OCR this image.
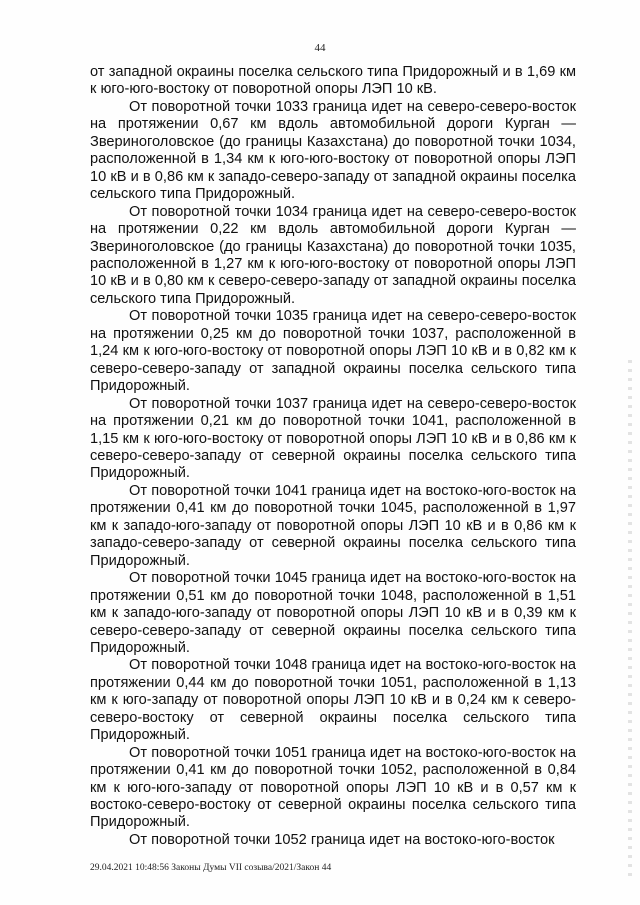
44

от западной окраины поселка сельского типа Придорожный и в 1,69 км к юго-юго-востоку от поворотной опоры ЛЭП 10 кВ.

От поворотной точки 1033 граница идет на северо-северо-восток на протяжении 0,67 км вдоль автомобильной дороги Курган — Звериноголовское (до границы Казахстана) до поворотной точки 1034, расположенной в 1,34 км к юго-юго-востоку от поворотной опоры ЛЭП 10 кВ и в 0,86 км к западо-северо-западу от западной окраины поселка сельского типа Придорожный.

От поворотной точки 1034 граница идет на северо-северо-восток на протяжении 0,22 км вдоль автомобильной дороги Курган — Звериноголовское (до границы Казахстана) до поворотной точки 1035, расположенной в 1,27 км к юго-юго-востоку от поворотной опоры ЛЭП 10 кВ и в 0,80 км к северо-северо-западу от западной окраины поселка сельского типа Придорожный.

От поворотной точки 1035 граница идет на северо-северо-восток на протяжении 0,25 км до поворотной точки 1037, расположенной в 1,24 км к юго-юго-востоку от поворотной опоры ЛЭП 10 кВ и в 0,82 км к северо-северо-западу от западной окраины поселка сельского типа Придорожный.

От поворотной точки 1037 граница идет на северо-северо-восток на протяжении 0,21 км до поворотной точки 1041, расположенной в 1,15 км к юго-юго-востоку от поворотной опоры ЛЭП 10 кВ и в 0,86 км к северо-северо-западу от северной окраины поселка сельского типа Придорожный.

От поворотной точки 1041 граница идет на востоко-юго-восток на протяжении 0,41 км до поворотной точки 1045, расположенной в 1,97 км к западо-юго-западу от поворотной опоры ЛЭП 10 кВ и в 0,86 км к западо-северо-западу от северной окраины поселка сельского типа Придорожный.

От поворотной точки 1045 граница идет на востоко-юго-восток на протяжении 0,51 км до поворотной точки 1048, расположенной в 1,51 км к западо-юго-западу от поворотной опоры ЛЭП 10 кВ и в 0,39 км к северо-северо-западу от северной окраины поселка сельского типа Придорожный.

От поворотной точки 1048 граница идет на востоко-юго-восток на протяжении 0,44 км до поворотной точки 1051, расположенной в 1,13 км к юго-западу от поворотной опоры ЛЭП 10 кВ и в 0,24 км к северо-северо-востоку от северной окраины поселка сельского типа Придорожный.

От поворотной точки 1051 граница идет на востоко-юго-восток на протяжении 0,41 км до поворотной точки 1052, расположенной в 0,84 км к юго-юго-западу от поворотной опоры ЛЭП 10 кВ и в 0,57 км к востоко-северо-востоку от северной окраины поселка сельского типа Придорожный.

От поворотной точки 1052 граница идет на востоко-юго-восток

29.04.2021 10:48:56 Законы Думы VII созыва/2021/Закон 44
